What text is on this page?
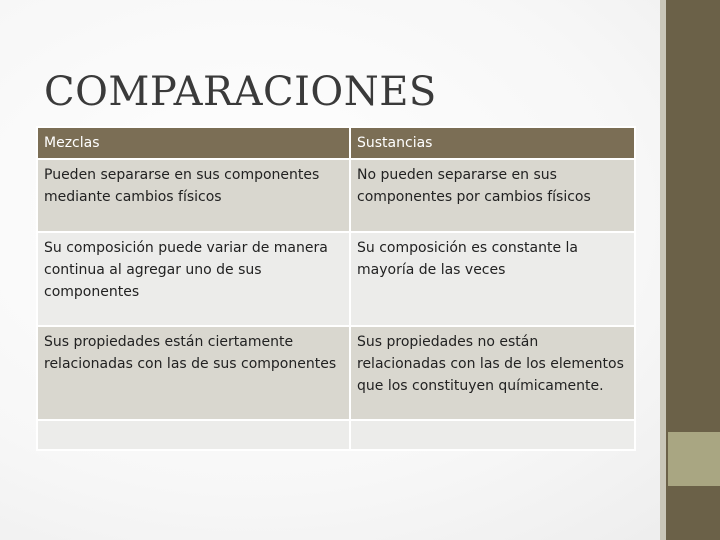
COMPARACIONES
Mezclas	Sustancias
Pueden separarse en sus componentes mediante cambios físicos	No pueden separarse en sus componentes por cambios físicos
Su composición puede variar de manera continua al agregar uno de sus componentes	Su composición es constante la mayoría de las veces
Sus propiedades están ciertamente relacionadas con las de sus componentes	Sus propiedades no están relacionadas con las de los elementos que los constituyen químicamente.
